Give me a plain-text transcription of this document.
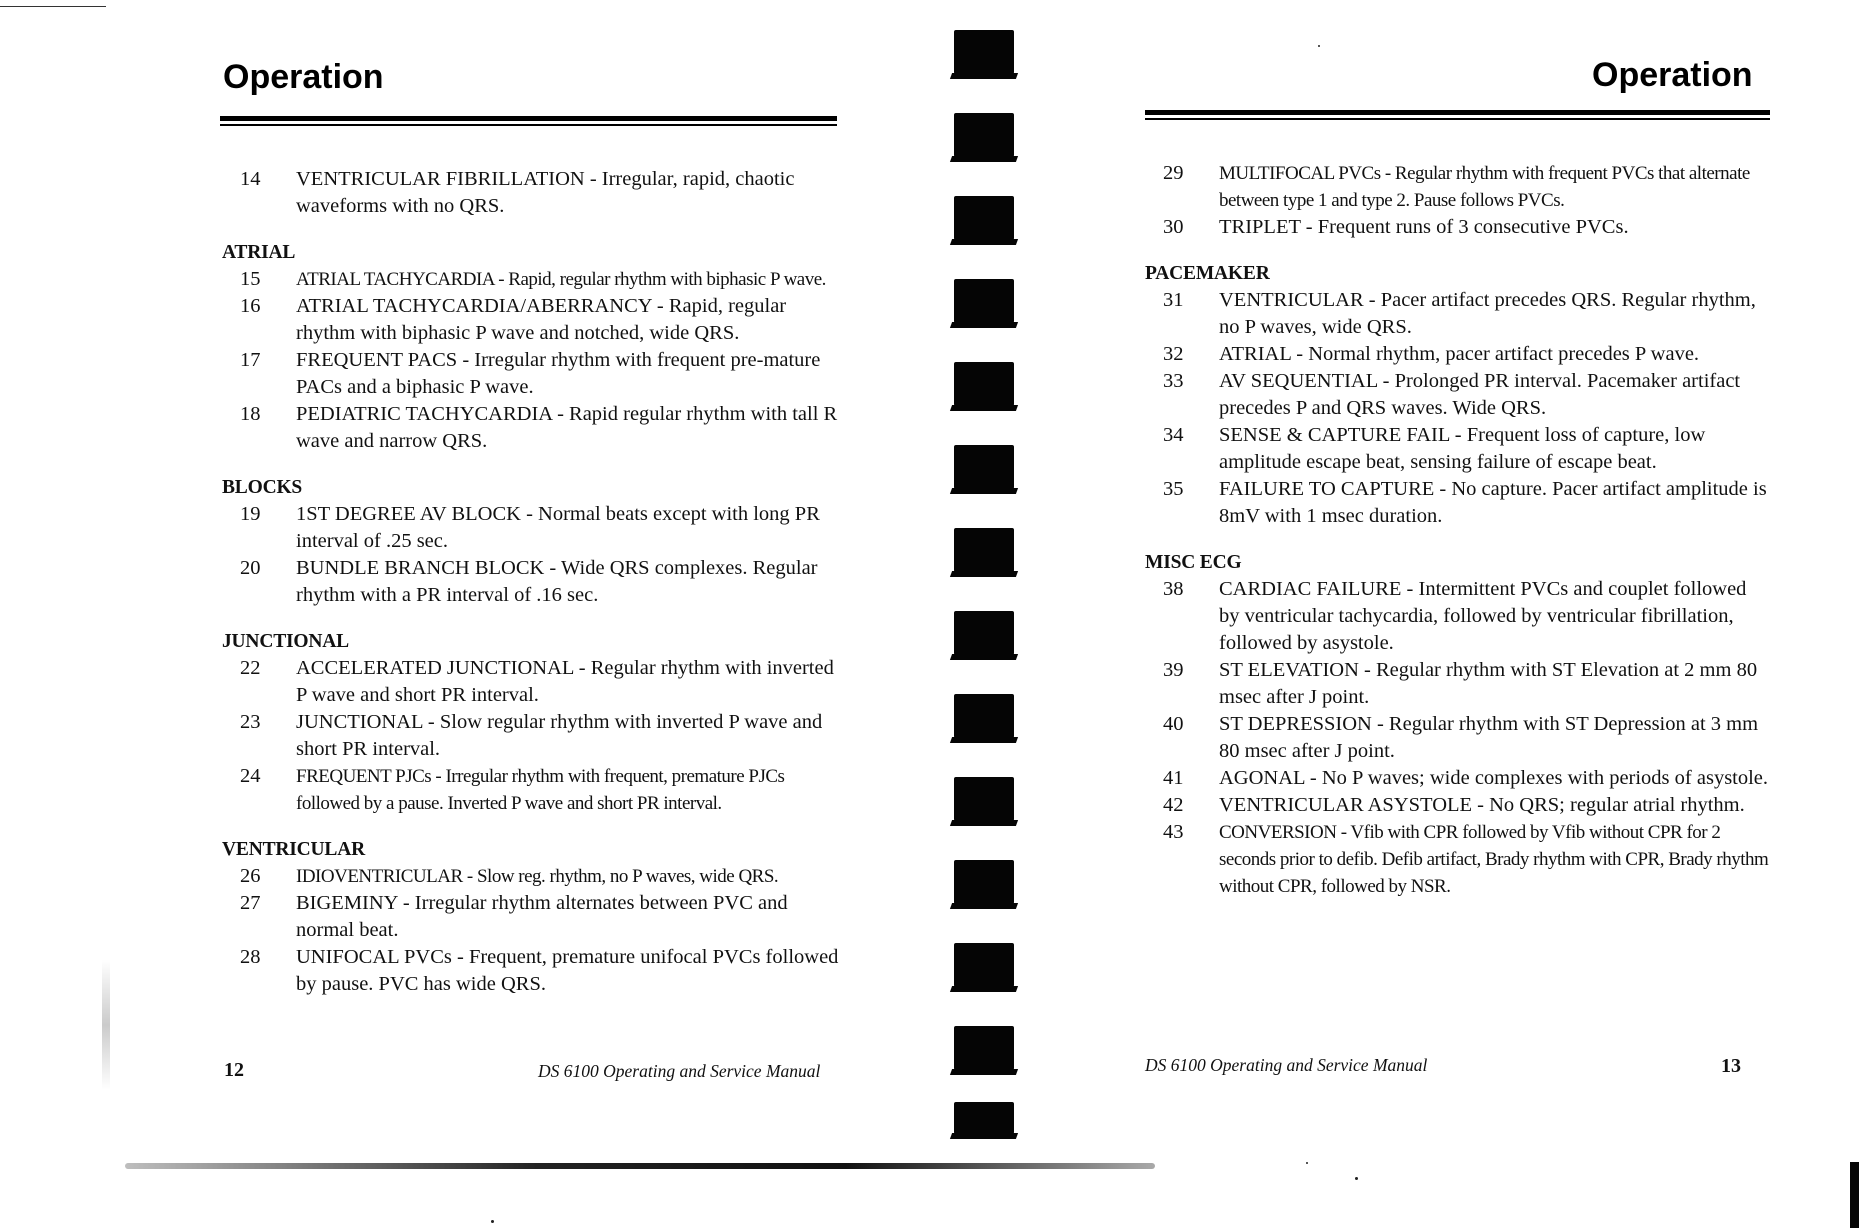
Operation
14 VENTRICULAR FIBRILLATION - Irregular, rapid, chaotic waveforms with no QRS.
ATRIAL
15 ATRIAL TACHYCARDIA - Rapid, regular rhythm with biphasic P wave.
16 ATRIAL TACHYCARDIA/ABERRANCY - Rapid, regular rhythm with biphasic P wave and notched, wide QRS.
17 FREQUENT PACS - Irregular rhythm with frequent pre-mature PACs and a biphasic P wave.
18 PEDIATRIC TACHYCARDIA - Rapid regular rhythm with tall R wave and narrow QRS.
BLOCKS
19 1ST DEGREE AV BLOCK - Normal beats except with long PR interval of .25 sec.
20 BUNDLE BRANCH BLOCK - Wide QRS complexes. Regular rhythm with a PR interval of .16 sec.
JUNCTIONAL
22 ACCELERATED JUNCTIONAL - Regular rhythm with inverted P wave and short PR interval.
23 JUNCTIONAL - Slow regular rhythm with inverted P wave and short PR interval.
24 FREQUENT PJCs - Irregular rhythm with frequent, premature PJCs followed by a pause. Inverted P wave and short PR interval.
VENTRICULAR
26 IDIOVENTRICULAR - Slow reg. rhythm, no P waves, wide QRS.
27 BIGEMINY - Irregular rhythm alternates between PVC and normal beat.
28 UNIFOCAL PVCs - Frequent, premature unifocal PVCs followed by pause. PVC has wide QRS.
12	DS 6100 Operating and Service Manual
Operation
29 MULTIFOCAL PVCs - Regular rhythm with frequent PVCs that alternate between type 1 and type 2. Pause follows PVCs.
30 TRIPLET - Frequent runs of 3 consecutive PVCs.
PACEMAKER
31 VENTRICULAR - Pacer artifact precedes QRS. Regular rhythm, no P waves, wide QRS.
32 ATRIAL - Normal rhythm, pacer artifact precedes P wave.
33 AV SEQUENTIAL - Prolonged PR interval. Pacemaker artifact precedes P and QRS waves. Wide QRS.
34 SENSE & CAPTURE FAIL - Frequent loss of capture, low amplitude escape beat, sensing failure of escape beat.
35 FAILURE TO CAPTURE - No capture. Pacer artifact amplitude is 8mV with 1 msec duration.
MISC ECG
38 CARDIAC FAILURE - Intermittent PVCs and couplet followed by ventricular tachycardia, followed by ventricular fibrillation, followed by asystole.
39 ST ELEVATION - Regular rhythm with ST Elevation at 2 mm 80 msec after J point.
40 ST DEPRESSION - Regular rhythm with ST Depression at 3 mm 80 msec after J point.
41 AGONAL - No P waves; wide complexes with periods of asystole.
42 VENTRICULAR ASYSTOLE - No QRS; regular atrial rhythm.
43 CONVERSION - Vfib with CPR followed by Vfib without CPR for 2 seconds prior to defib. Defib artifact, Brady rhythm with CPR, Brady rhythm without CPR, followed by NSR.
DS 6100 Operating and Service Manual	13
